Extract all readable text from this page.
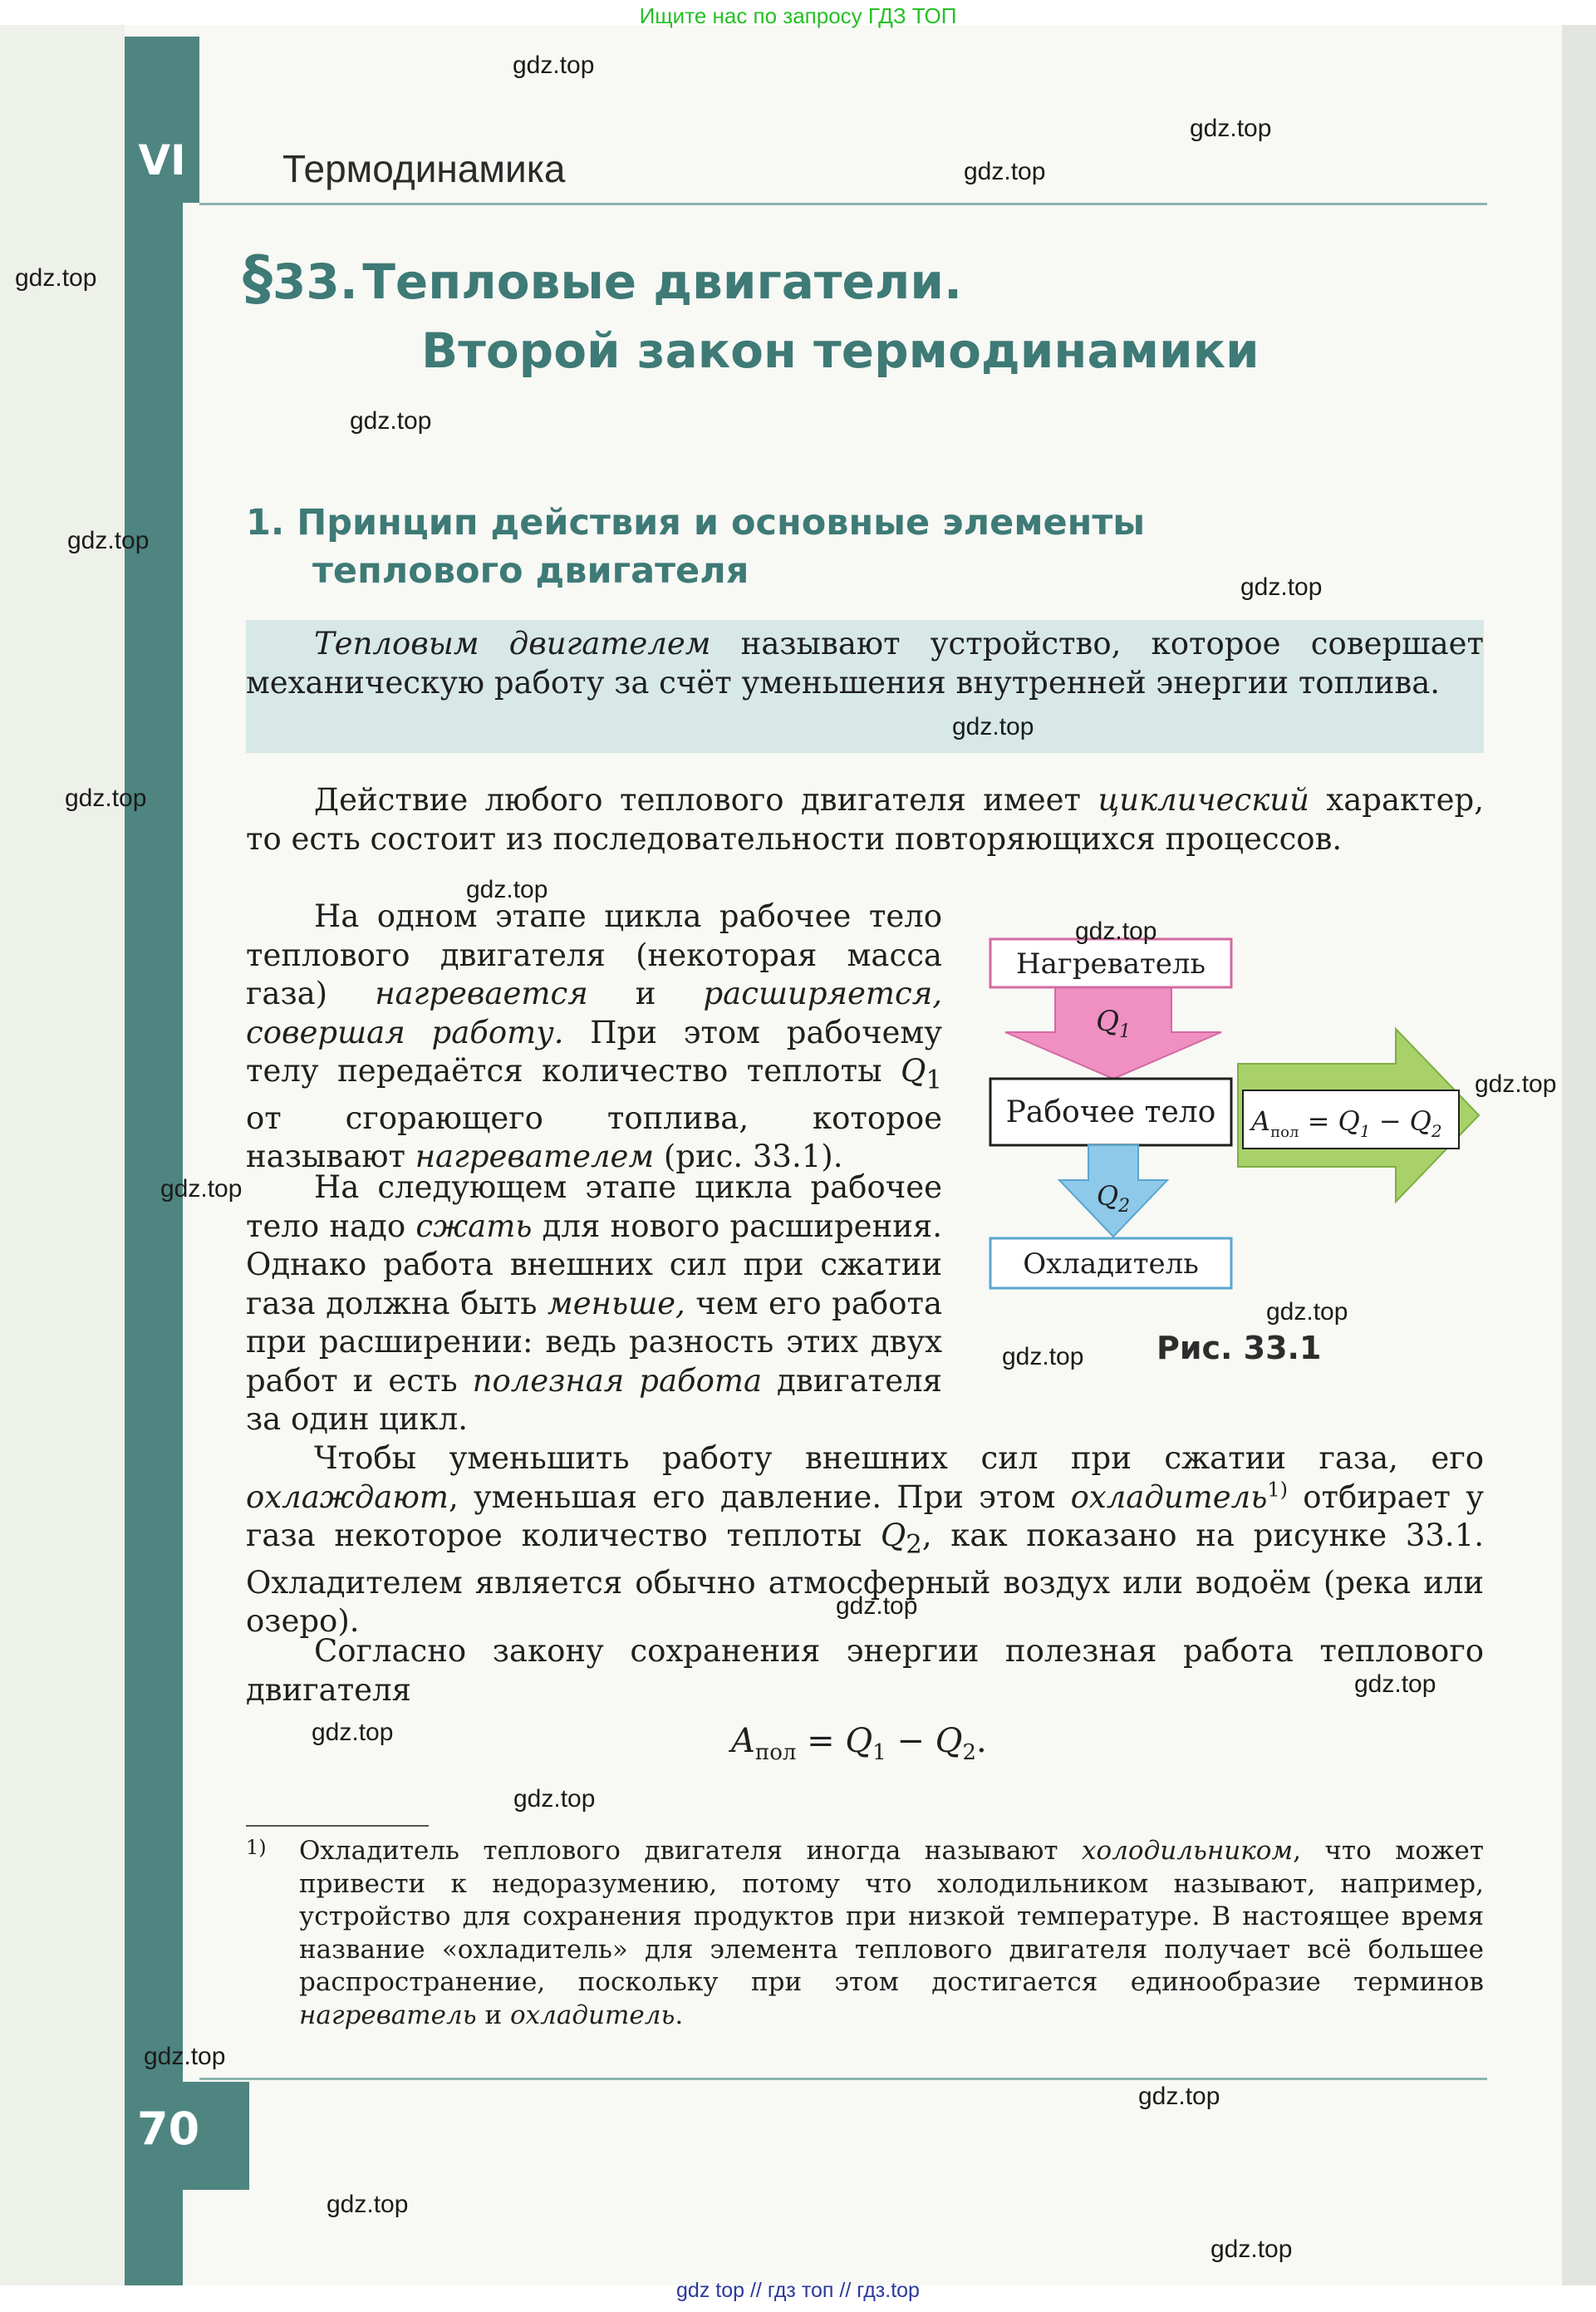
VI	Термодинамика
Ищите нас по запросу ГДЗ ТОП
§33. Тепловые двигатели.
Второй закон термодинамики
1. Принцип действия и основные элементы
теплового двигателя

Тепловым двигателем называют устройство, которое совершает механическую работу за счёт уменьшения внутренней энергии топлива.

Действие любого теплового двигателя имеет циклический характер, то есть состоит из последовательности повторяющихся процессов.

На одном этапе цикла рабочее тело теплового двигателя (некоторая масса газа) нагревается и расширяется, совершая работу. При этом рабочему телу передаётся количество теплоты $Q_1$ от сгорающего топлива, которое называют нагревателем (рис. 33.1).

На следующем этапе цикла рабочее тело надо сжать для нового расширения. Однако работа внешних сил при сжатии газа должна быть меньше, чем его работа при расширении: ведь разность этих двух работ и есть полезная работа двигателя за один цикл.

$Q_1$
Нагреватель
$A_{пол} = Q_1 - Q_2$
Рабочее тело
$Q_2$
Охладитель
Рис. 33.1

Чтобы уменьшить работу внешних сил при сжатии газа, его охлаждают, уменьшая его давление. При этом охладитель$^{1)}$ отбирает у газа некоторое количество теплоты $Q_2$, как показано на рисунке 33.1. Охладителем является обычно атмосферный воздух или водоём (река или озеро).

Согласно закону сохранения энергии полезная работа теплового двигателя

$A_{пол} = Q_1 - Q_2$.
1)	Охладитель теплового двигателя иногда называют холодильником, что может привести к недоразумению, потому что холодильником называют, например, устройство для сохранения продуктов при низкой температуре. В настоящее время название «охладитель» для элемента теплового двигателя получает всё большее распространение, поскольку при этом достигается единообразие терминов нагреватель и охладитель.
70
gdz top // гдз топ // гдз.top
gdz.top
gdz.top
gdz.top
gdz.top
gdz.top
gdz.top
gdz.top
gdz.top
gdz.top
gdz.top
gdz.top
gdz.top
gdz.top
gdz.top
gdz.top
gdz.top
gdz.top
gdz.top
gdz.top
gdz.top
gdz.top
gdz.top
gdz.top
